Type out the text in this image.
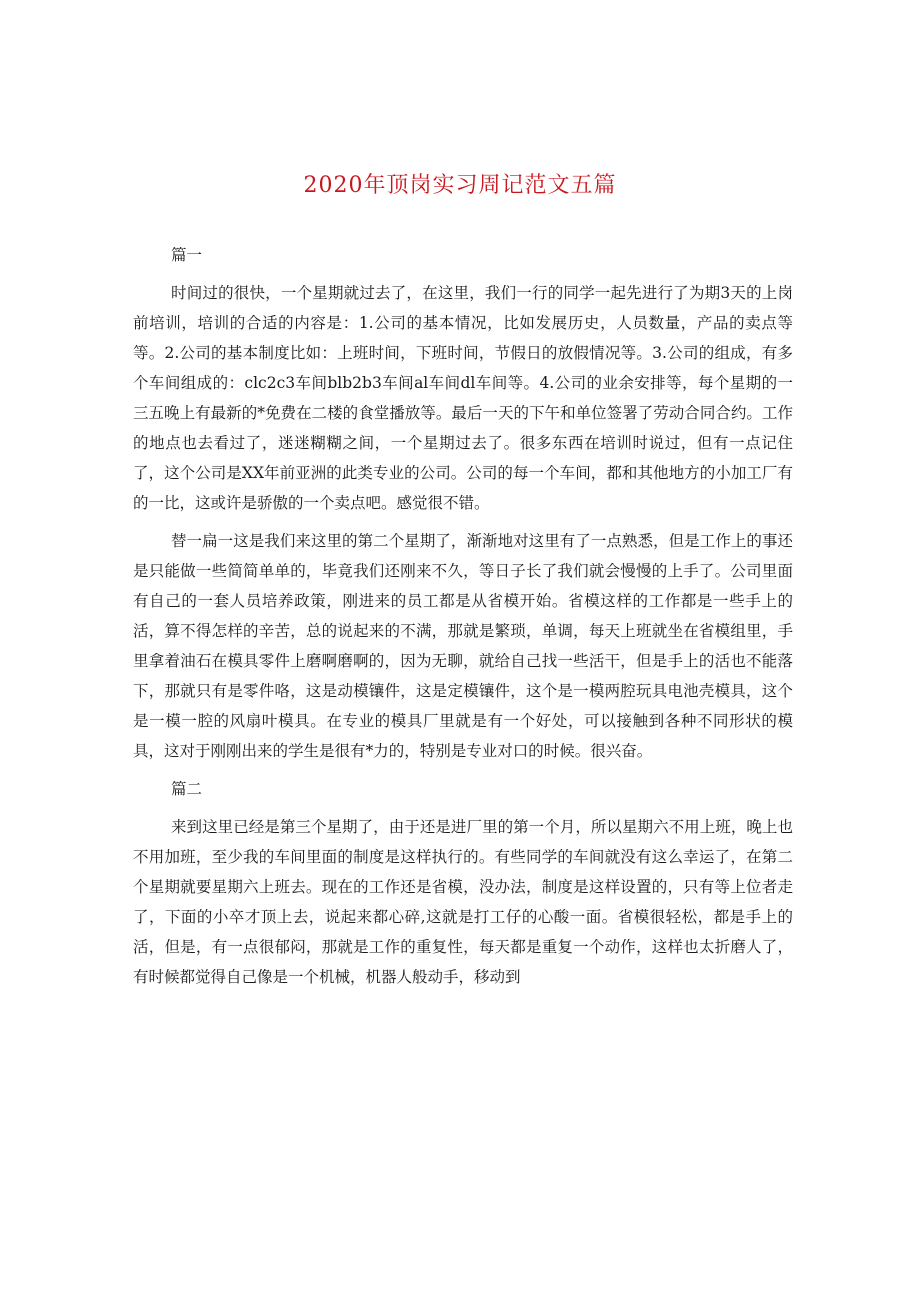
2020年顶岗实习周记范文五篇

篇一

时间过的很快，一个星期就过去了，在这里，我们一行的同学一起先进行了为期3天的上岗前培训，培训的合适的内容是：1.公司的基本情况，比如发展历史，人员数量，产品的卖点等等。2.公司的基本制度比如：上班时间，下班时间，节假日的放假情况等。3.公司的组成，有多个车间组成的：clc2c3车间blb2b3车间al车间dl车间等。4.公司的业余安排等，每个星期的一三五晚上有最新的*免费在二楼的食堂播放等。最后一天的下午和单位签署了劳动合同合约。工作的地点也去看过了，迷迷糊糊之间，一个星期过去了。很多东西在培训时说过，但有一点记住了，这个公司是XX年前亚洲的此类专业的公司。公司的每一个车间，都和其他地方的小加工厂有的一比，这或许是骄傲的一个卖点吧。感觉很不错。

替一扁一这是我们来这里的第二个星期了，渐渐地对这里有了一点熟悉，但是工作上的事还是只能做一些简简单单的，毕竟我们还刚来不久，等日子长了我们就会慢慢的上手了。公司里面有自己的一套人员培养政策，刚进来的员工都是从省模开始。省模这样的工作都是一些手上的活，算不得怎样的辛苦，总的说起来的不满，那就是繁琐，单调，每天上班就坐在省模组里，手里拿着油石在模具零件上磨啊磨啊的，因为无聊，就给自己找一些活干，但是手上的活也不能落下，那就只有是零件咯，这是动模镶件，这是定模镶件，这个是一模两腔玩具电池壳模具，这个是一模一腔的风扇叶模具。在专业的模具厂里就是有一个好处，可以接触到各种不同形状的模具，这对于刚刚出来的学生是很有*力的，特别是专业对口的时候。很兴奋。

篇二

来到这里已经是第三个星期了，由于还是进厂里的第一个月，所以星期六不用上班，晚上也不用加班，至少我的车间里面的制度是这样执行的。有些同学的车间就没有这么幸运了，在第二个星期就要星期六上班去。现在的工作还是省模，没办法，制度是这样设置的，只有等上位者走了，下面的小卒才顶上去，说起来都心碎,这就是打工仔的心酸一面。省模很轻松，都是手上的活，但是，有一点很郁闷，那就是工作的重复性，每天都是重复一个动作，这样也太折磨人了，有时候都觉得自己像是一个机械，机器人般动手，移动到
